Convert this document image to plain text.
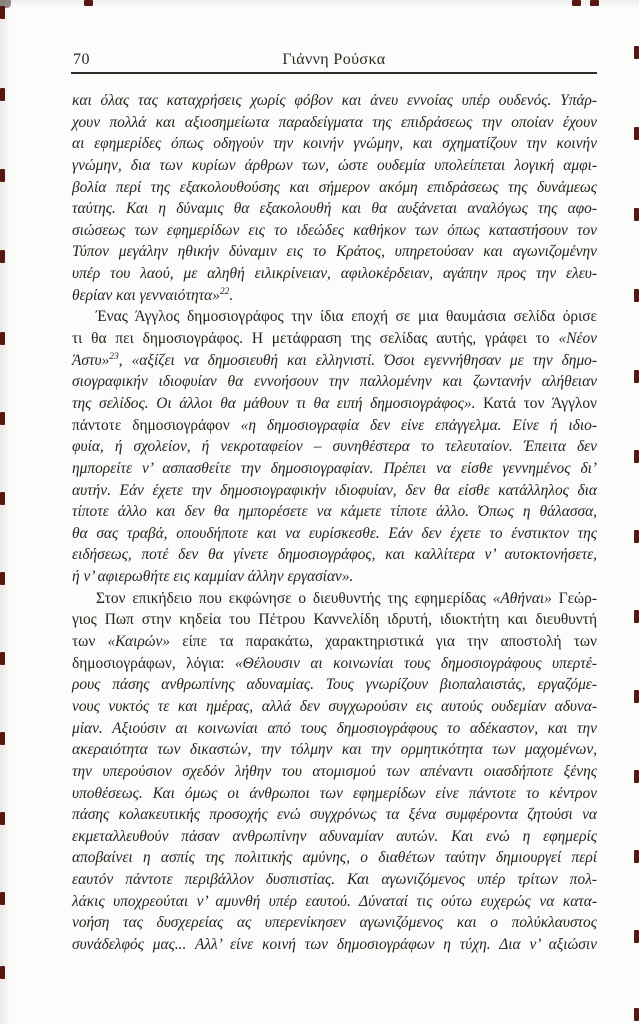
70	Γιάννη Ρούσκα
και όλας τας καταχρήσεις χωρίς φόβον και άνευ εννοίας υπέρ ουδενός. Υπάρ-
χουν πολλά και αξιοσημείωτα παραδείγματα της επιδράσεως την οποίαν έχουν
αι εφημερίδες όπως οδηγούν την κοινήν γνώμην, και σχηματίζουν την κοινήν
γνώμην, δια των κυρίων άρθρων των, ώστε ουδεμία υπολείπεται λογική αμφι-
βολία περί της εξακολουθούσης και σήμερον ακόμη επιδράσεως της δυνάμεως
ταύτης. Και η δύναμις θα εξακολουθή και θα αυξάνεται αναλόγως της αφο-
σιώσεως των εφημερίδων εις το ιδεώδες καθήκον των όπως καταστήσουν τον
Τύπον μεγάλην ηθικήν δύναμιν εις το Κράτος, υπηρετούσαν και αγωνιζομένην
υπέρ του λαού, με αληθή ειλικρίνειαν, αφιλοκέρδειαν, αγάπην προς την ελευ-
θερίαν και γενναιότητα»$^{22}$.
Ένας Άγγλος δημοσιογράφος την ίδια εποχή σε μια θαυμάσια σελίδα όρισε
τι θα πει δημοσιογράφος. Η μετάφραση της σελίδας αυτής, γράφει το «Νέον
Άστυ»$^{23}$, «αξίζει να δημοσιευθή και ελληνιστί. Όσοι εγεννήθησαν με την δημο-
σιογραφικήν ιδιοφυίαν θα εννοήσουν την παλλομένην και ζωντανήν αλήθειαν
της σελίδος. Οι άλλοι θα μάθουν τι θα ειπή δημοσιογράφος». Κατά τον Άγγλον
πάντοτε δημοσιογράφον «η δημοσιογραφία δεν είνε επάγγελμα. Είνε ή ιδιο-
φυία, ή σχολείον, ή νεκροταφείον – συνηθέστερα το τελευταίον. Έπειτα δεν
ημπορείτε ν’ ασπασθείτε την δημοσιογραφίαν. Πρέπει να είσθε γεννημένος δι’
αυτήν. Εάν έχετε την δημοσιογραφικήν ιδιοφυίαν, δεν θα είσθε κατάλληλος δια
τίποτε άλλο και δεν θα ημπορέσετε να κάμετε τίποτε άλλο. Όπως η θάλασσα,
θα σας τραβά, οπουδήποτε και να ευρίσκεσθε. Εάν δεν έχετε το ένστικτον της
ειδήσεως, ποτέ δεν θα γίνετε δημοσιογράφος, και καλλίτερα ν’ αυτοκτονήσετε,
ή ν’ αφιερωθήτε εις καμμίαν άλλην εργασίαν».
Στον επικήδειο που εκφώνησε ο διευθυντής της εφημερίδας «Αθήναι» Γεώρ-
γιος Πωπ στην κηδεία του Πέτρου Καννελίδη ιδρυτή, ιδιοκτήτη και διευθυντή
των «Καιρών» είπε τα παρακάτω, χαρακτηριστικά για την αποστολή των
δημοσιογράφων, λόγια: «Θέλουσιν αι κοινωνίαι τους δημοσιογράφους υπερτέ-
ρους πάσης ανθρωπίνης αδυναμίας. Τους γνωρίζουν βιοπαλαιστάς, εργαζόμε-
νους νυκτός τε και ημέρας, αλλά δεν συγχωρούσιν εις αυτούς ουδεμίαν αδυνα-
μίαν. Αξιούσιν αι κοινωνίαι από τους δημοσιογράφους το αδέκαστον, και την
ακεραιότητα των δικαστών, την τόλμην και την ορμητικότητα των μαχομένων,
την υπερούσιον σχεδόν λήθην του ατομισμού των απέναντι οιασδήποτε ξένης
υποθέσεως. Και όμως οι άνθρωποι των εφημερίδων είνε πάντοτε το κέντρον
πάσης κολακευτικής προσοχής ενώ συγχρόνως τα ξένα συμφέροντα ζητούσι να
εκμεταλλευθούν πάσαν ανθρωπίνην αδυναμίαν αυτών. Και ενώ η εφημερίς
αποβαίνει η ασπίς της πολιτικής αμύνης, ο διαθέτων ταύτην δημιουργεί περί
εαυτόν πάντοτε περιβάλλον δυσπιστίας. Και αγωνιζόμενος υπέρ τρίτων πολ-
λάκις υποχρεούται ν’ αμυνθή υπέρ εαυτού. Δύναταί τις ούτω ευχερώς να κατα-
νοήση τας δυσχερείας ας υπερενίκησεν αγωνιζόμενος και ο πολύκλαυστος
συνάδελφός μας... Αλλ’ είνε κοινή των δημοσιογράφων η τύχη. Δια ν’ αξιώσιν
